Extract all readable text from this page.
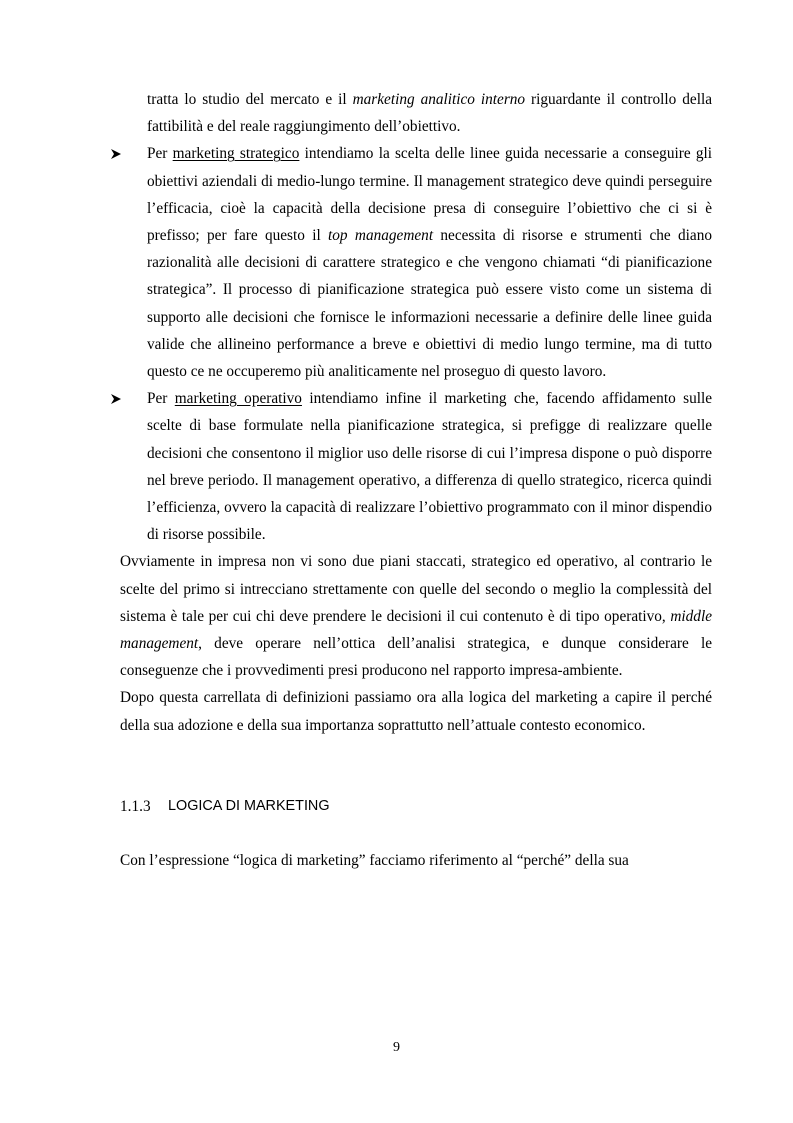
tratta lo studio del mercato e il marketing analitico interno riguardante il controllo della fattibilità e del reale raggiungimento dell’obiettivo.

Per marketing strategico intendiamo la scelta delle linee guida necessarie a conseguire gli obiettivi aziendali di medio-lungo termine. Il management strategico deve quindi perseguire l’efficacia, cioè la capacità della decisione presa di conseguire l’obiettivo che ci si è prefisso; per fare questo il top management necessita di risorse e strumenti che diano razionalità alle decisioni di carattere strategico e che vengono chiamati “di pianificazione strategica”. Il processo di pianificazione strategica può essere visto come un sistema di supporto alle decisioni che fornisce le informazioni necessarie a definire delle linee guida valide che allineino performance a breve e obiettivi di medio lungo termine, ma di tutto questo ce ne occuperemo più analiticamente nel proseguo di questo lavoro.

Per marketing operativo intendiamo infine il marketing che, facendo affidamento sulle scelte di base formulate nella pianificazione strategica, si prefigge di realizzare quelle decisioni che consentono il miglior uso delle risorse di cui l’impresa dispone o può disporre nel breve periodo. Il management operativo, a differenza di quello strategico, ricerca quindi l’efficienza, ovvero la capacità di realizzare l’obiettivo programmato con il minor dispendio di risorse possibile.

Ovviamente in impresa non vi sono due piani staccati, strategico ed operativo, al contrario le scelte del primo si intrecciano strettamente con quelle del secondo o meglio la complessità del sistema è tale per cui chi deve prendere le decisioni il cui contenuto è di tipo operativo, middle management, deve operare nell’ottica dell’analisi strategica, e dunque considerare le conseguenze che i provvedimenti presi producono nel rapporto impresa-ambiente.

Dopo questa carrellata di definizioni passiamo ora alla logica del marketing a capire il perché della sua adozione e della sua importanza soprattutto nell’attuale contesto economico.

1.1.3	LOGICA DI MARKETING

Con l’espressione “logica di marketing” facciamo riferimento al “perché” della sua

9
